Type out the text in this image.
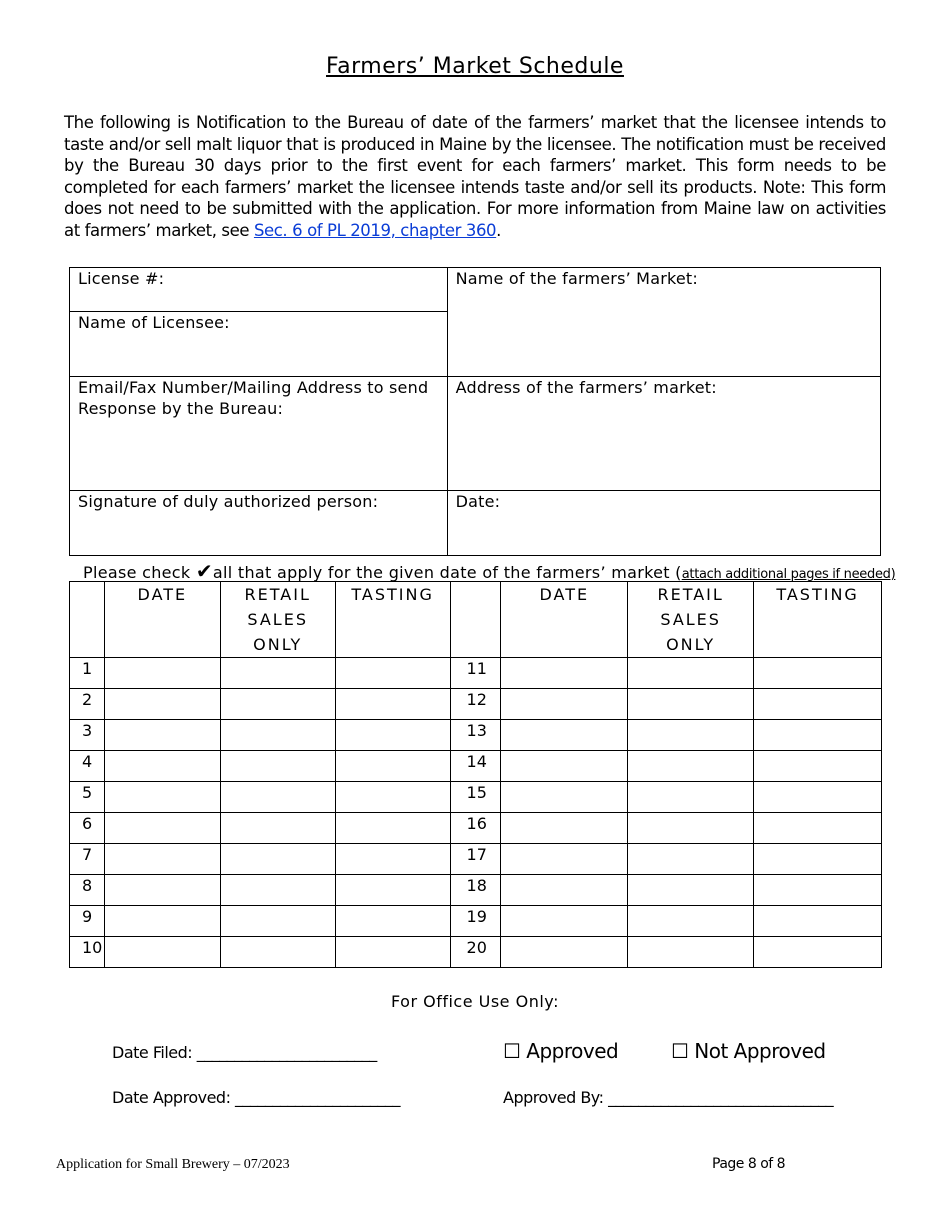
Farmers’ Market Schedule
The following is Notification to the Bureau of date of the farmers’ market that the licensee intends to taste and/or sell malt liquor that is produced in Maine by the licensee. The notification must be received by the Bureau 30 days prior to the first event for each farmers’ market. This form needs to be completed for each farmers’ market the licensee intends taste and/or sell its products. Note: This form does not need to be submitted with the application. For more information from Maine law on activities at farmers’ market, see Sec. 6 of PL 2019, chapter 360.
License #:	Name of the farmers’ Market:
Name of Licensee:	
Email/Fax Number/Mailing Address to send Response by the Bureau:	Address of the farmers’ market:
Signature of duly authorized person:	Date:
Please check ✔all that apply for the given date of the farmers’ market (attach additional pages if needed)
	DATE	RETAIL SALES ONLY	TASTING		DATE	RETAIL SALES ONLY	TASTING
1				11			
2				12			
3				13			
4				14			
5				15			
6				16			
7				17			
8				18			
9				19			
10				20			
For Office Use Only:
Date Filed: ________________________	☐ Approved	☐ Not Approved
Date Approved: ______________________	Approved By: ______________________________
Application for Small Brewery – 07/2023	Page 8 of 8
